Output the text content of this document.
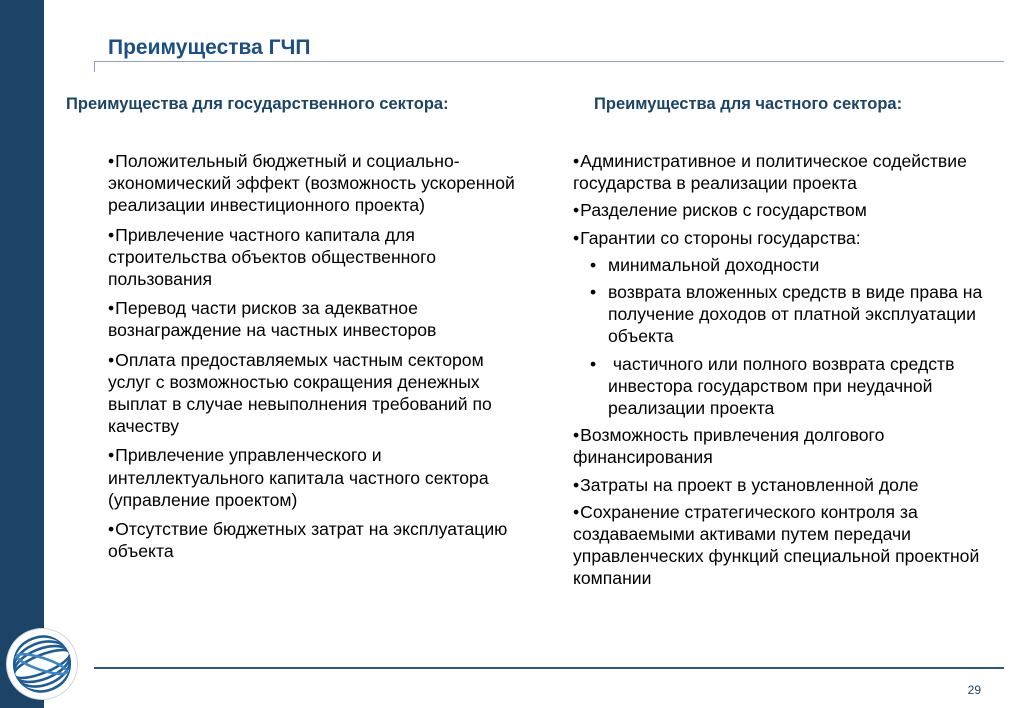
Преимущества ГЧП
Преимущества для государственного сектора:	Преимущества для частного сектора:
•Положительный бюджетный и социально-экономический эффект (возможность ускоренной реализации инвестиционного проекта)
•Привлечение частного капитала для строительства объектов общественного пользования
•Перевод части рисков за адекватное вознаграждение на частных инвесторов
•Оплата предоставляемых частным сектором услуг с возможностью сокращения денежных выплат в случае невыполнения требований по качеству
•Привлечение управленческого и интеллектуального капитала частного сектора (управление проектом)
•Отсутствие бюджетных затрат на эксплуатацию объекта
•Административное и политическое содействие государства в реализации проекта
•Разделение рисков с государством
•Гарантии со стороны государства:
• минимальной доходности
• возврата вложенных средств в виде права на получение доходов от платной эксплуатации объекта
• частичного или полного возврата средств инвестора государством при неудачной реализации проекта
•Возможность привлечения долгового финансирования
•Затраты на проект в установленной доле
•Сохранение стратегического контроля за создаваемыми активами путем передачи управленческих функций специальной проектной компании
29
